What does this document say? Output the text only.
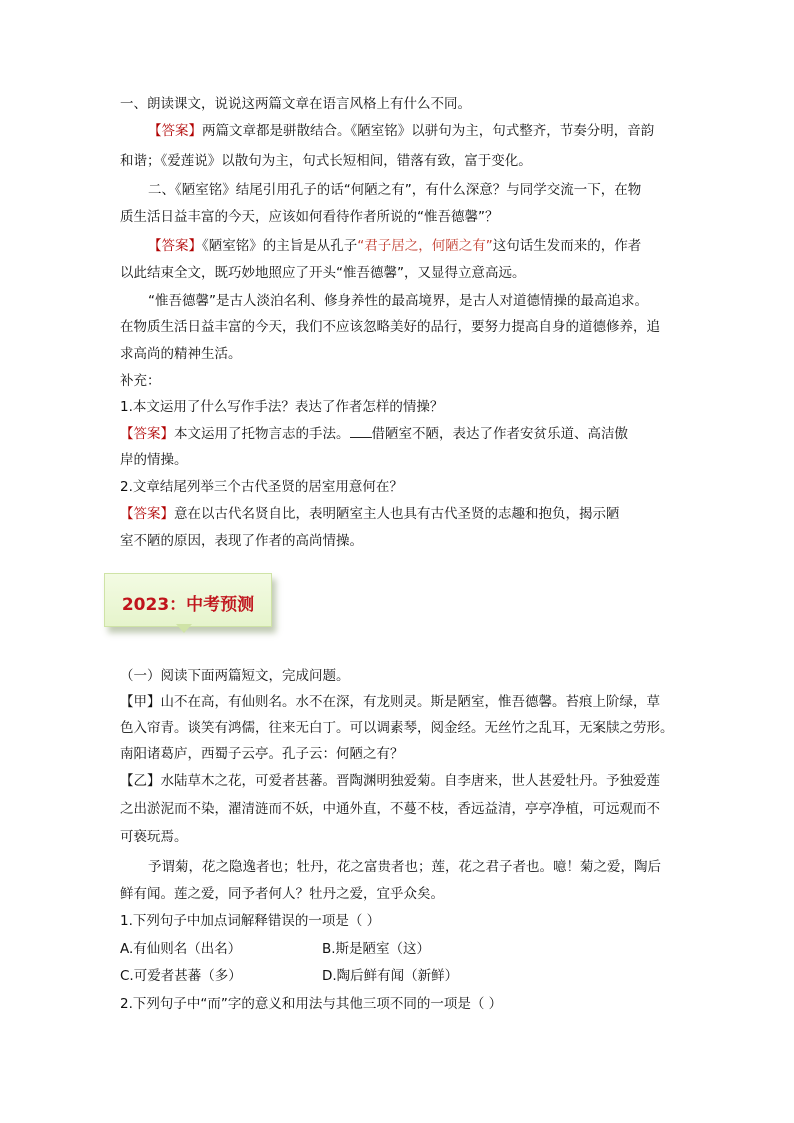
一、朗读课文，说说这两篇文章在语言风格上有什么不同。
【答案】两篇文章都是骈散结合。《陋室铭》以骈句为主，句式整齐，节奏分明，音韵
和谐；《爱莲说》以散句为主，句式长短相间，错落有致，富于变化。
二、《陋室铭》结尾引用孔子的话“何陋之有”，有什么深意？与同学交流一下，在物
质生活日益丰富的今天，应该如何看待作者所说的“惟吾德馨”？
【答案】《陋室铭》的主旨是从孔子“君子居之，何陋之有”这句话生发而来的，作者
以此结束全文，既巧妙地照应了开头“惟吾德馨”，又显得立意高远。
“惟吾德馨”是古人淡泊名利、修身养性的最高境界，是古人对道德情操的最高追求。
在物质生活日益丰富的今天，我们不应该忽略美好的品行，要努力提高自身的道德修养，追
求高尚的精神生活。
补充：
1.本文运用了什么写作手法？表达了作者怎样的情操？
【答案】本文运用了托物言志的手法。 借陋室不陋，表达了作者安贫乐道、高洁傲
岸的情操。
2.文章结尾列举三个古代圣贤的居室用意何在？
【答案】意在以古代名贤自比，表明陋室主人也具有古代圣贤的志趣和抱负，揭示陋
室不陋的原因，表现了作者的高尚情操。
2023：中考预测
（一）阅读下面两篇短文，完成问题。
【甲】山不在高，有仙则名。水不在深，有龙则灵。斯是陋室，惟吾德馨。苔痕上阶绿，草
色入帘青。谈笑有鸿儒，往来无白丁。可以调素琴，阅金经。无丝竹之乱耳，无案牍之劳形。
南阳诸葛庐，西蜀子云亭。孔子云：何陋之有？
【乙】水陆草木之花，可爱者甚蕃。晋陶渊明独爱菊。自李唐来，世人甚爱牡丹。予独爱莲
之出淤泥而不染，濯清涟而不妖，中通外直，不蔓不枝，香远益清，亭亭净植，可远观而不
可亵玩焉。
予谓菊，花之隐逸者也；牡丹，花之富贵者也；莲，花之君子者也。噫！菊之爱，陶后
鲜有闻。莲之爱，同予者何人？牡丹之爱，宜乎众矣。
1.下列句子中加点词解释错误的一项是（ ）
A.有仙则名（出名）	B.斯是陋室（这）
C.可爱者甚蕃（多）	D.陶后鲜有闻（新鲜）
2.下列句子中“而”字的意义和用法与其他三项不同的一项是（ ）
